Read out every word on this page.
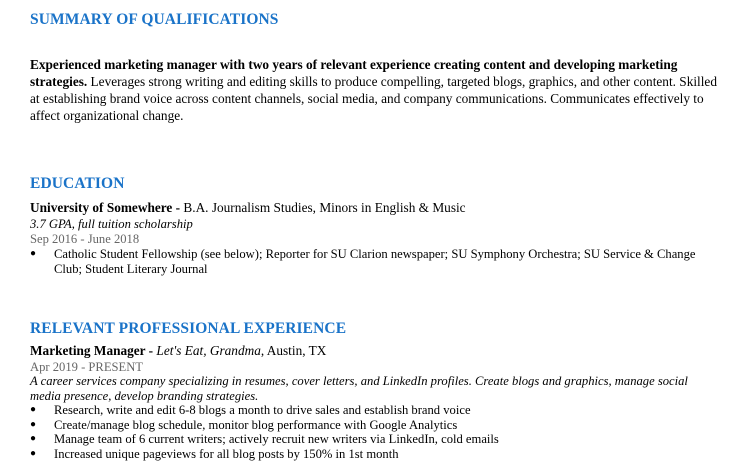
SUMMARY OF QUALIFICATIONS
Experienced marketing manager with two years of relevant experience creating content and developing marketing strategies. Leverages strong writing and editing skills to produce compelling, targeted blogs, graphics, and other content. Skilled at establishing brand voice across content channels, social media, and company communications. Communicates effectively to affect organizational change.
EDUCATION
University of Somewhere - B.A. Journalism Studies, Minors in English & Music
3.7 GPA, full tuition scholarship
Sep 2016 - June 2018
● Catholic Student Fellowship (see below); Reporter for SU Clarion newspaper; SU Symphony Orchestra; SU Service & Change Club; Student Literary Journal
RELEVANT PROFESSIONAL EXPERIENCE
Marketing Manager - Let's Eat, Grandma, Austin, TX
Apr 2019 - PRESENT
A career services company specializing in resumes, cover letters, and LinkedIn profiles. Create blogs and graphics, manage social media presence, develop branding strategies.
● Research, write and edit 6-8 blogs a month to drive sales and establish brand voice
● Create/manage blog schedule, monitor blog performance with Google Analytics
● Manage team of 6 current writers; actively recruit new writers via LinkedIn, cold emails
● Increased unique pageviews for all blog posts by 150% in 1st month
